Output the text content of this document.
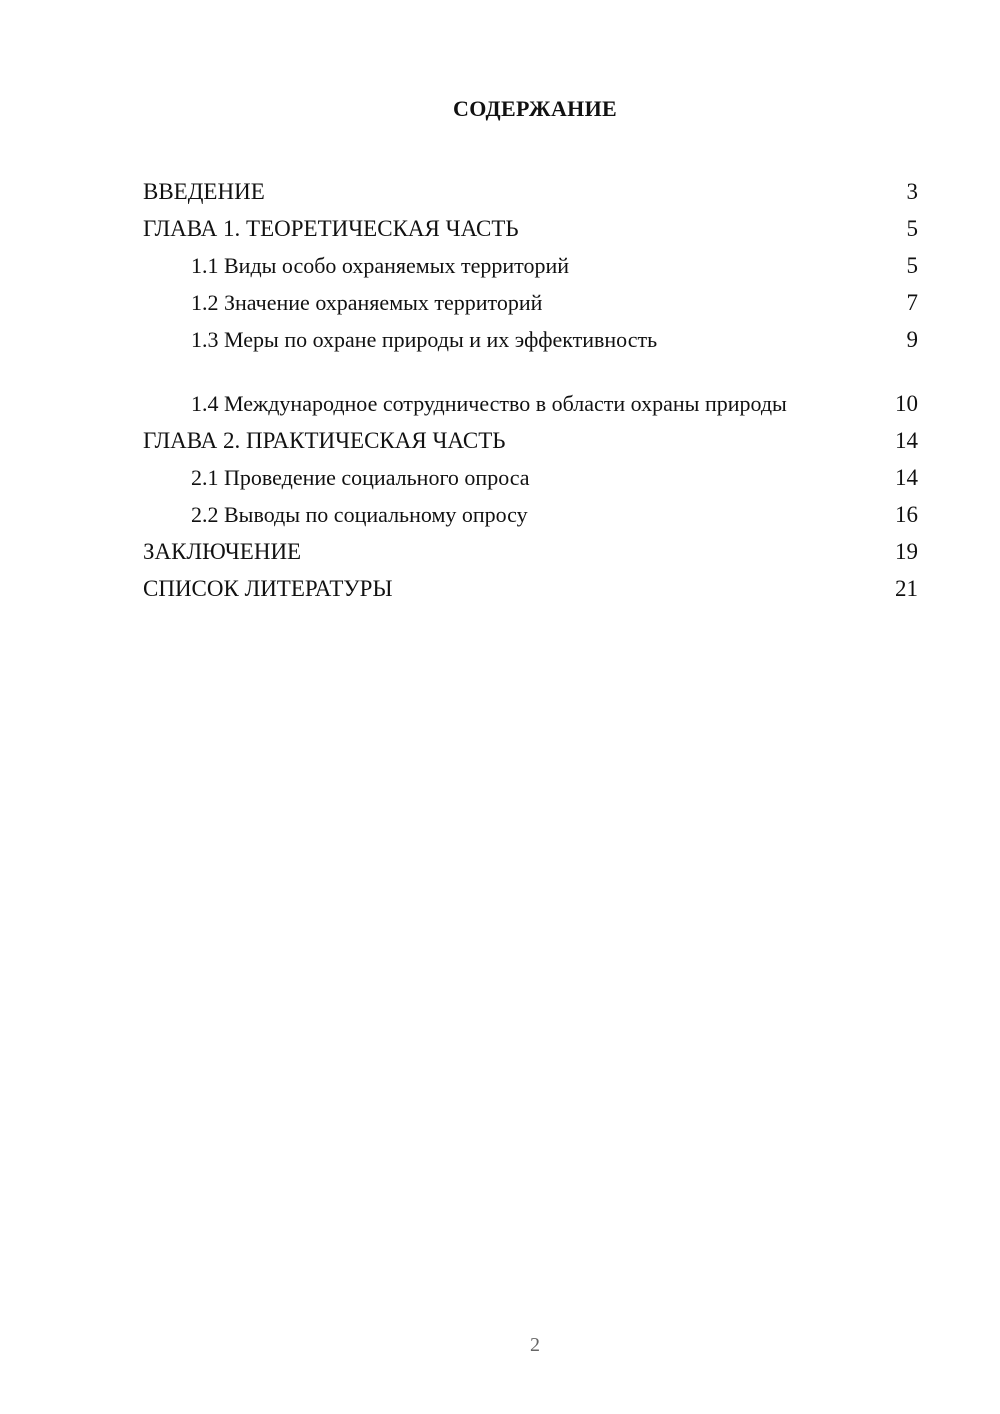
СОДЕРЖАНИЕ
ВВЕДЕНИЕ	3
ГЛАВА 1. ТЕОРЕТИЧЕСКАЯ ЧАСТЬ	5
1.1 Виды особо охраняемых территорий	5
1.2 Значение охраняемых территорий	7
1.3 Меры по охране природы и их эффективность	9
1.4 Международное сотрудничество в области охраны природы	10
ГЛАВА 2. ПРАКТИЧЕСКАЯ ЧАСТЬ	14
2.1 Проведение социального опроса	14
2.2 Выводы по социальному опросу	16
ЗАКЛЮЧЕНИЕ	19
СПИСОК ЛИТЕРАТУРЫ	21
2
